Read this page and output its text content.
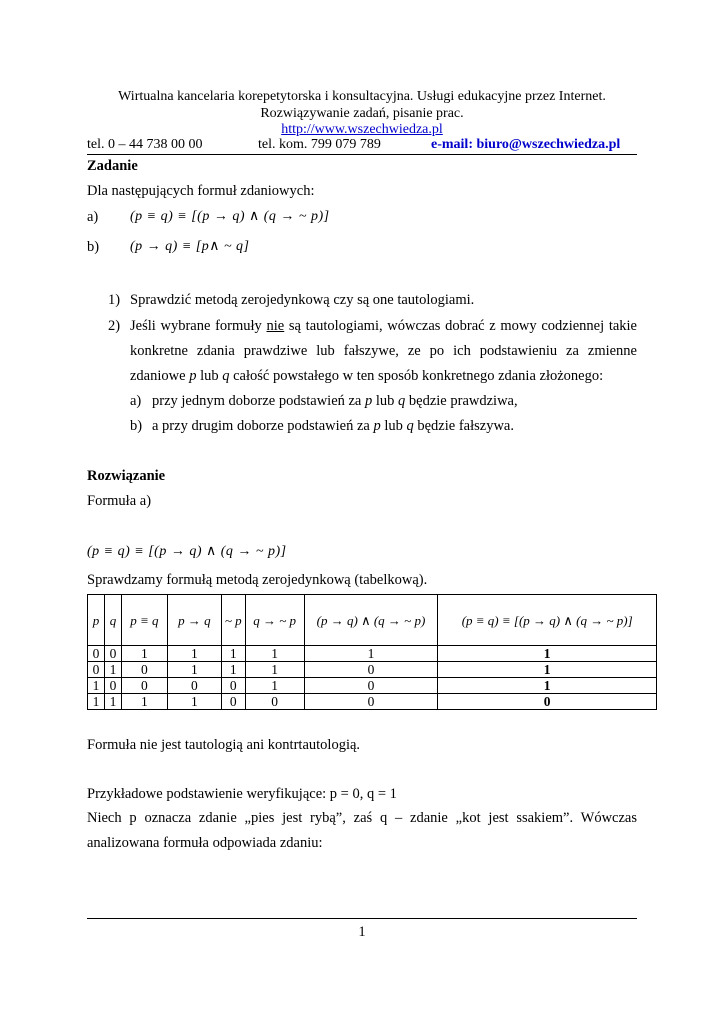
Wirtualna kancelaria korepetytorska i konsultacyjna. Usługi edukacyjne przez Internet.
Rozwiązywanie zadań, pisanie prac.
http://www.wszechwiedza.pl
tel. 0 – 44 738 00 00	tel. kom. 799 079 789	e-mail: biuro@wszechwiedza.pl
Zadanie
Dla następujących formuł zdaniowych:
a) (p ≡ q) ≡ [(p → q) ∧ (q → ~ p)]
b) (p → q) ≡ [p∧ ~ q]
1) Sprawdzić metodą zerojedynkową czy są one tautologiami.
2) Jeśli wybrane formuły nie są tautologiami, wówczas dobrać z mowy codziennej takie
konkretne zdania prawdziwe lub fałszywe, ze po ich podstawieniu za zmienne
zdaniowe p lub q całość powstałego w ten sposób konkretnego zdania złożonego:
a) przy jednym doborze podstawień za p lub q będzie prawdziwa,
b) a przy drugim doborze podstawień za p lub q będzie fałszywa.
Rozwiązanie
Formuła a)
(p ≡ q) ≡ [(p → q) ∧ (q → ~ p)]
Sprawdzamy formułą metodą zerojedynkową (tabelkową).
p	q	p ≡ q	p → q	~ p	q → ~ p	(p → q) ∧ (q → ~ p)	(p ≡ q) ≡ [(p → q) ∧ (q → ~ p)]
0	0	1	1	1	1	1	1
0	1	0	1	1	1	0	1
1	0	0	0	0	1	0	1
1	1	1	1	0	0	0	0
Formuła nie jest tautologią ani kontrtautologią.
Przykładowe podstawienie weryfikujące: p = 0, q = 1
Niech p oznacza zdanie „pies jest rybą”, zaś q – zdanie „kot jest ssakiem”. Wówczas
analizowana formuła odpowiada zdaniu:
1
